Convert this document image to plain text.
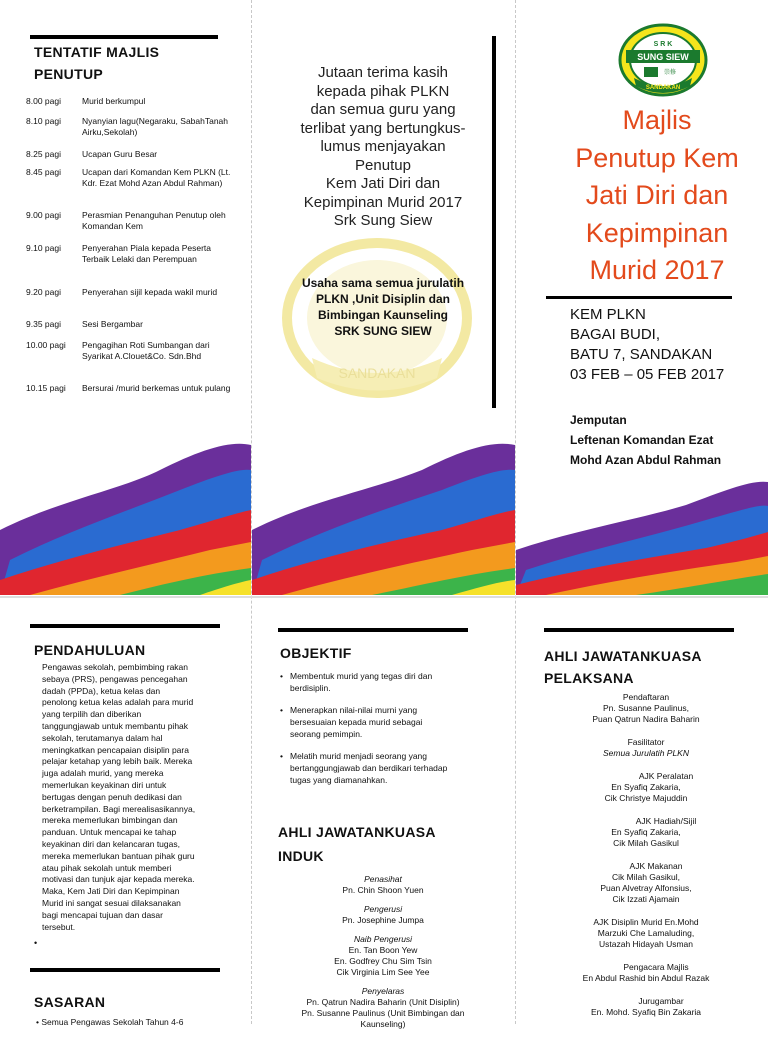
TENTATIF MAJLIS
PENUTUP
8.00 pagi	Murid berkumpul
8.10 pagi	Nyanyian lagu(Negaraku, SabahTanah Airku,Sekolah)
8.25 pagi	Ucapan Guru Besar
8.45 pagi	Ucapan dari Komandan Kem PLKN (Lt. Kdr. Ezat Mohd Azan Abdul Rahman)
9.00 pagi	Perasmian Penanguhan Penutup oleh Komandan Kem
9.10 pagi	Penyerahan Piala kepada Peserta Terbaik Lelaki dan Perempuan
9.20 pagi	Penyerahan sijil kepada wakil murid
9.35 pagi	Sesi Bergambar
10.00 pagi	Pengagihan Roti Sumbangan dari Syarikat A.Clouet&Co. Sdn.Bhd
10.15 pagi	Bersurai /murid berkemas untuk pulang
SANDAKAN
Jutaan terima kasih
kepada pihak PLKN
dan semua guru yang
terlibat yang bertungkus-
lumus menjayakan
Penutup
Kem Jati Diri dan
Kepimpinan Murid 2017
Srk Sung Siew
Usaha sama semua jurulatih
PLKN ,Unit Disiplin dan
Bimbingan Kaunseling
SRK SUNG SIEW
S R K
SUNG SIEW
崇修
SANDAKAN
Majlis
Penutup Kem
Jati Diri dan
Kepimpinan
Murid 2017
KEM PLKN
BAGAI BUDI,
BATU 7, SANDAKAN
03 FEB – 05 FEB 2017
Jemputan
Leftenan Komandan Ezat
Mohd Azan Abdul Rahman
PENDAHULUAN
Pengawas sekolah, pembimbing rakan
sebaya (PRS), pengawas pencegahan
dadah (PPDa), ketua kelas dan
penolong ketua kelas adalah para murid
yang terpilih dan diberikan
tanggungjawab untuk membantu pihak
sekolah, terutamanya dalam hal
meningkatkan pencapaian disiplin para
pelajar ketahap yang lebih baik. Mereka
juga adalah murid, yang mereka
memerlukan keyakinan diri untuk
bertugas dengan penuh dedikasi dan
berketrampilan. Bagi merealisasikannya,
mereka memerlukan bimbingan dan
panduan. Untuk mencapai ke tahap
keyakinan diri dan kelancaran tugas,
mereka memerlukan bantuan pihak guru
atau pihak sekolah untuk memberi
motivasi dan tunjuk ajar kepada mereka.
Maka, Kem Jati Diri dan Kepimpinan
Murid ini sangat sesuai dilaksanakan
bagi mencapai tujuan dan dasar
tersebut.
•
SASARAN
• Semua Pengawas Sekolah Tahun 4-6
OBJEKTIF
• Membentuk murid yang tegas diri dan
berdisiplin.
• Menerapkan nilai-nilai murni yang
bersesuaian kepada murid sebagai
seorang pemimpin.
• Melatih murid menjadi seorang yang
bertanggungjawab dan berdikari terhadap
tugas yang diamanahkan.
AHLI JAWATANKUASA
INDUK
Penasihat
Pn. Chin Shoon Yuen
Pengerusi
Pn. Josephine Jumpa
Naib Pengerusi
En. Tan Boon Yew
En. Godfrey Chu Sim Tsin
Cik Virginia Lim See Yee
Penyelaras
Pn. Qatrun Nadira Baharin (Unit Disiplin)
Pn. Susanne Paulinus (Unit Bimbingan dan
Kaunseling)
AHLI JAWATANKUASA
PELAKSANA
Pendaftaran
Pn. Susanne Paulinus,
Puan Qatrun Nadira Baharin
Fasilitator
Semua Jurulatih PLKN
AJK Peralatan
En Syafiq Zakaria,
Cik Christye Majuddin
AJK Hadiah/Sijil
En Syafiq Zakaria,
Cik Milah Gasikul
AJK Makanan
Cik Milah Gasikul,
Puan Alvetray Alfonsius,
Cik Izzati Ajamain
AJK Disiplin Murid En.Mohd
Marzuki Che Lamaluding,
Ustazah Hidayah Usman
Pengacara Majlis
En Abdul Rashid bin Abdul Razak
Jurugambar
En. Mohd. Syafiq Bin Zakaria
